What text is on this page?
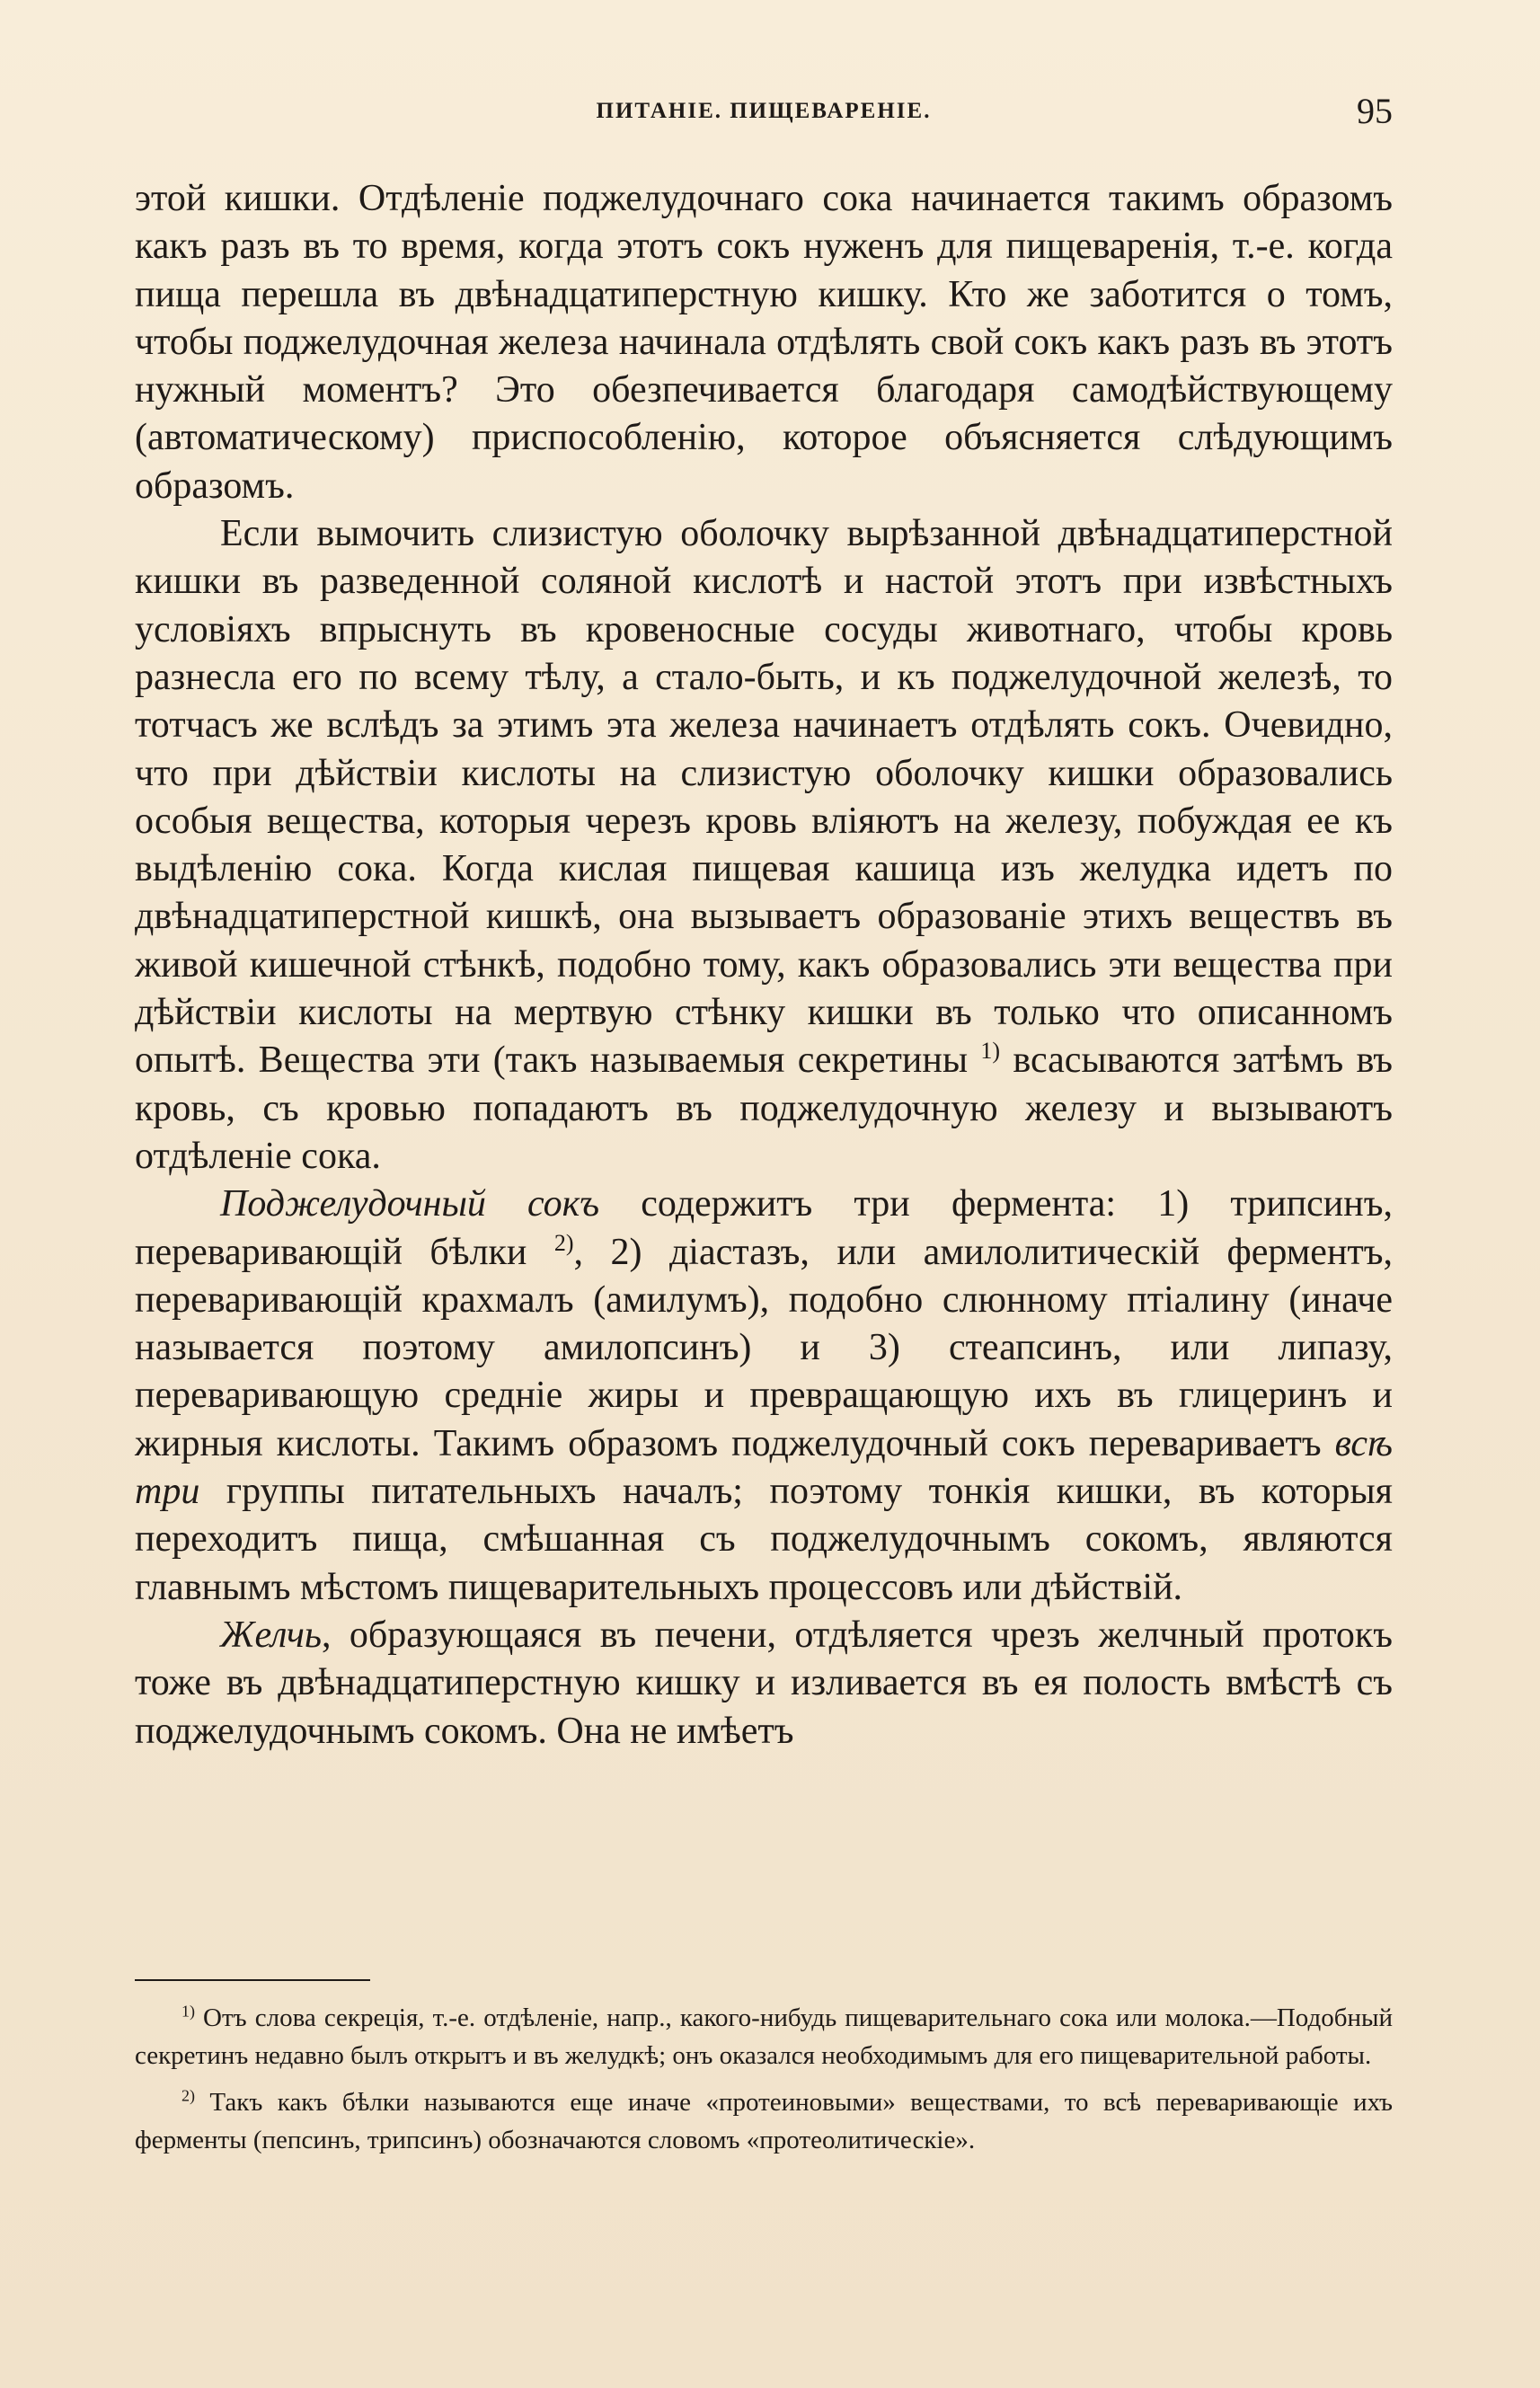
ПИТАНІЕ. ПИЩЕВАРЕНІЕ.	95

этой кишки. Отдѣленіе поджелудочнаго сока начинается такимъ образомъ какъ разъ въ то время, когда этотъ сокъ нуженъ для пищеваренія, т.-е. когда пища перешла въ двѣнадцатиперстную кишку. Кто же заботится о томъ, чтобы поджелудочная железа начинала отдѣлять свой сокъ какъ разъ въ этотъ нужный моментъ? Это обезпечивается благодаря самодѣйствующему (автоматическому) приспособленію, которое объясняется слѣдующимъ образомъ.

Если вымочить слизистую оболочку вырѣзанной двѣнадцатиперстной кишки въ разведенной соляной кислотѣ и настой этотъ при извѣстныхъ условіяхъ впрыснуть въ кровеносные сосуды животнаго, чтобы кровь разнесла его по всему тѣлу, а стало-быть, и къ поджелудочной железѣ, то тотчасъ же вслѣдъ за этимъ эта железа начинаетъ отдѣлять сокъ. Очевидно, что при дѣйствіи кислоты на слизистую оболочку кишки образовались особыя вещества, которыя черезъ кровь вліяютъ на железу, побуждая ее къ выдѣленію сока. Когда кислая пищевая кашица изъ желудка идетъ по двѣнадцатиперстной кишкѣ, она вызываетъ образованіе этихъ веществъ въ живой кишечной стѣнкѣ, подобно тому, какъ образовались эти вещества при дѣйствіи кислоты на мертвую стѣнку кишки въ только что описанномъ опытѣ. Вещества эти (такъ называемыя секретины $^{1)}$ всасываются затѣмъ въ кровь, съ кровью попадаютъ въ поджелудочную железу и вызываютъ отдѣленіе сока.

Поджелудочный сокъ содержитъ три фермента: 1) трипсинъ, переваривающій бѣлки $^{2)}$, 2) діастазъ, или амилолитическій ферментъ, переваривающій крахмалъ (амилумъ), подобно слюнному птіалину (иначе называется поэтому амилопсинъ) и 3) стеапсинъ, или липазу, переваривающую средніе жиры и превращающую ихъ въ глицеринъ и жирныя кислоты. Такимъ образомъ поджелудочный сокъ перевариваетъ всѣ три группы питательныхъ началъ; поэтому тонкія кишки, въ которыя переходитъ пища, смѣшанная съ поджелудочнымъ сокомъ, являются главнымъ мѣстомъ пищеварительныхъ процессовъ или дѣйствій.

Желчь, образующаяся въ печени, отдѣляется чрезъ желчный протокъ тоже въ двѣнадцатиперстную кишку и изливается въ ея полость вмѣстѣ съ поджелудочнымъ сокомъ. Она не имѣетъ

$^{1)}$ Отъ слова секреція, т.-е. отдѣленіе, напр., какого-нибудь пищеварительнаго сока или молока.—Подобный секретинъ недавно былъ открытъ и въ желудкѣ; онъ оказался необходимымъ для его пищеварительной работы.

$^{2)}$ Такъ какъ бѣлки называются еще иначе «протеиновыми» веществами, то всѣ переваривающіе ихъ ферменты (пепсинъ, трипсинъ) обозначаются словомъ «протеолитическіе».
